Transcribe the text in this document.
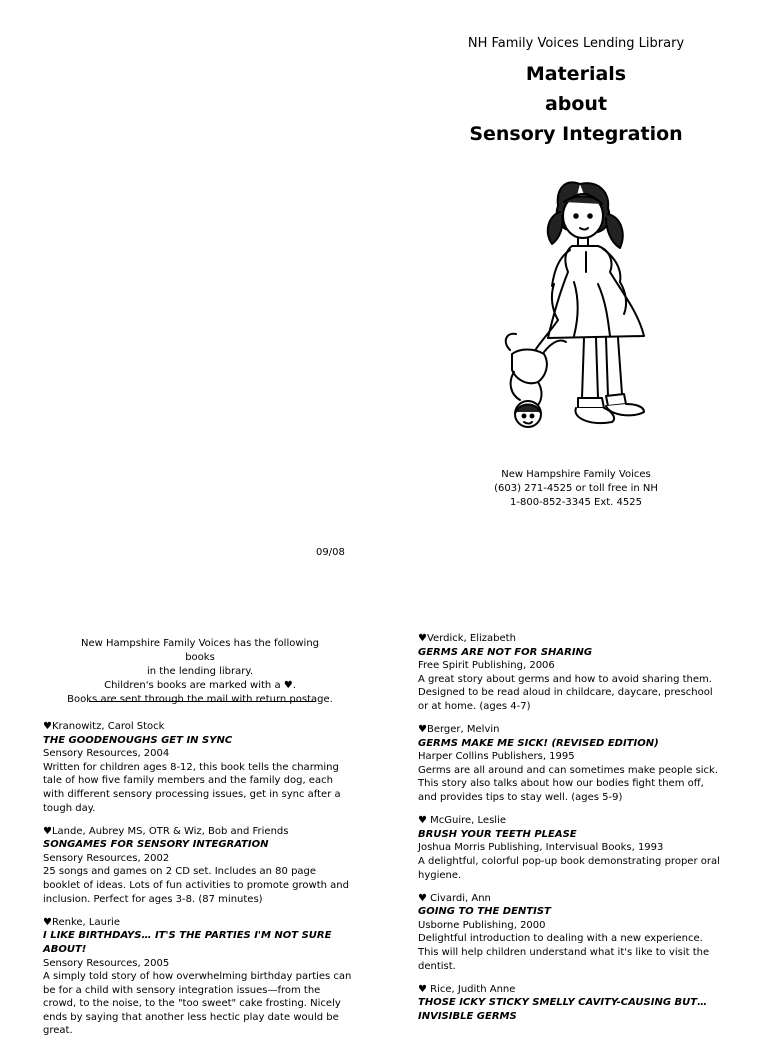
NH Family Voices Lending Library
Materials
about
Sensory Integration
New Hampshire Family Voices
(603) 271-4525 or toll free in NH
1-800-852-3345 Ext. 4525
09/08
New Hampshire Family Voices has the following books
in the lending library.
Children's books are marked with a ♥.
Books are sent through the mail with return postage.
♥Kranowitz, Carol Stock
THE GOODENOUGHS GET IN SYNC
Sensory Resources, 2004
Written for children ages 8-12, this book tells the charming tale of how five family members and the family dog, each with different sensory processing issues, get in sync after a tough day.
♥Lande, Aubrey MS, OTR & Wiz, Bob and Friends
SONGAMES FOR SENSORY INTEGRATION
Sensory Resources, 2002
25 songs and games on 2 CD set. Includes an 80 page booklet of ideas. Lots of fun activities to promote growth and inclusion. Perfect for ages 3-8. (87 minutes)
♥Renke, Laurie
I LIKE BIRTHDAYS… IT'S THE PARTIES I'M NOT SURE ABOUT!
Sensory Resources, 2005
A simply told story of how overwhelming birthday parties can be for a child with sensory integration issues—from the crowd, to the noise, to the "too sweet" cake frosting. Nicely ends by saying that another less hectic play date would be great.
♥Verdick, Elizabeth
GERMS ARE NOT FOR SHARING
Free Spirit Publishing, 2006
A great story about germs and how to avoid sharing them. Designed to be read aloud in childcare, daycare, preschool or at home. (ages 4-7)
♥Berger, Melvin
GERMS MAKE ME SICK! (REVISED EDITION)
Harper Collins Publishers, 1995
Germs are all around and can sometimes make people sick. This story also talks about how our bodies fight them off, and provides tips to stay well. (ages 5-9)
♥ McGuire, Leslie
BRUSH YOUR TEETH PLEASE
Joshua Morris Publishing, Intervisual Books, 1993
A delightful, colorful pop-up book demonstrating proper oral hygiene.
♥ Civardi, Ann
GOING TO THE DENTIST
Usborne Publishing, 2000
Delightful introduction to dealing with a new experience. This will help children understand what it's like to visit the dentist.
♥ Rice, Judith Anne
THOSE ICKY STICKY SMELLY CAVITY-CAUSING BUT… INVISIBLE GERMS
